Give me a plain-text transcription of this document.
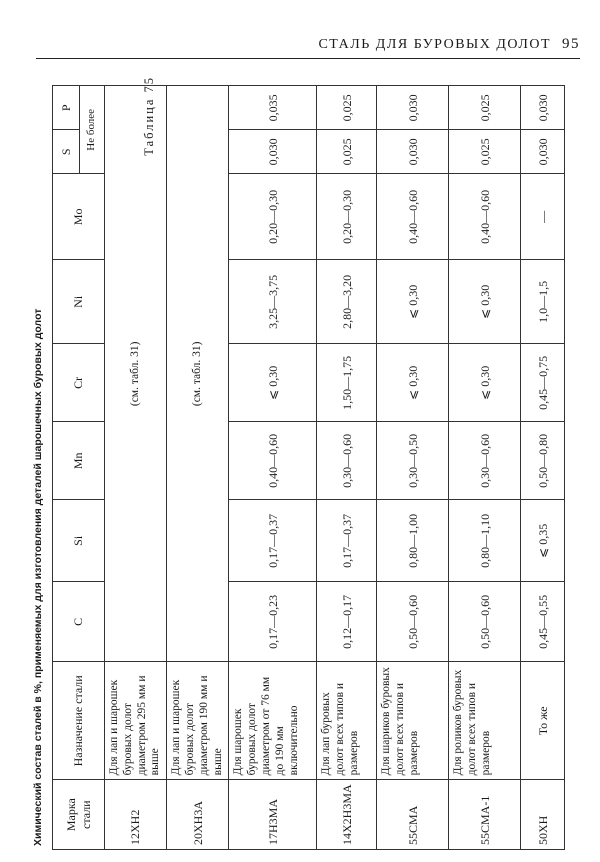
СТАЛЬ ДЛЯ БУРОВЫХ ДОЛОТ 95
Таблица 75
Химический состав сталей в %, применяемых для изготовления деталей шарошечных буровых долот Марка стали	Назначение стали	C	Si	Mn	Cr	Ni	Mo	S	P
								Не более	
12ХН2	Для лап и шарошек буровых долот диаметром 295 мм и выше	(см. табл. 31)							
20ХН3А	Для лап и шарошек буровых долот диаметром 190 мм и выше	(см. табл. 31)							
17Н3МА	Для шарошек буровых долот диаметром от 76 мм до 190 мм включительно	0,17—0,23	0,17—0,37	0,40—0,60	⩽ 0,30	3,25—3,75	0,20—0,30	0,030	0,035
14Х2Н3МА	Для лап буровых долот всех типов и размеров	0,12—0,17	0,17—0,37	0,30—0,60	1,50—1,75	2,80—3,20	0,20—0,30	0,025	0,025
55СМА	Для шариков буровых долот всех типов и размеров	0,50—0,60	0,80—1,00	0,30—0,50	⩽ 0,30	⩽ 0,30	0,40—0,60	0,030	0,030
55СМА-1	Для роликов буровых долот всех типов и размеров	0,50—0,60	0,80—1,10	0,30—0,60	⩽ 0,30	⩽ 0,30	0,40—0,60	0,025	0,025
50ХН	То же	0,45—0,55	⩽ 0,35	0,50—0,80	0,45—0,75	1,0—1,5	—	0,030	0,030
